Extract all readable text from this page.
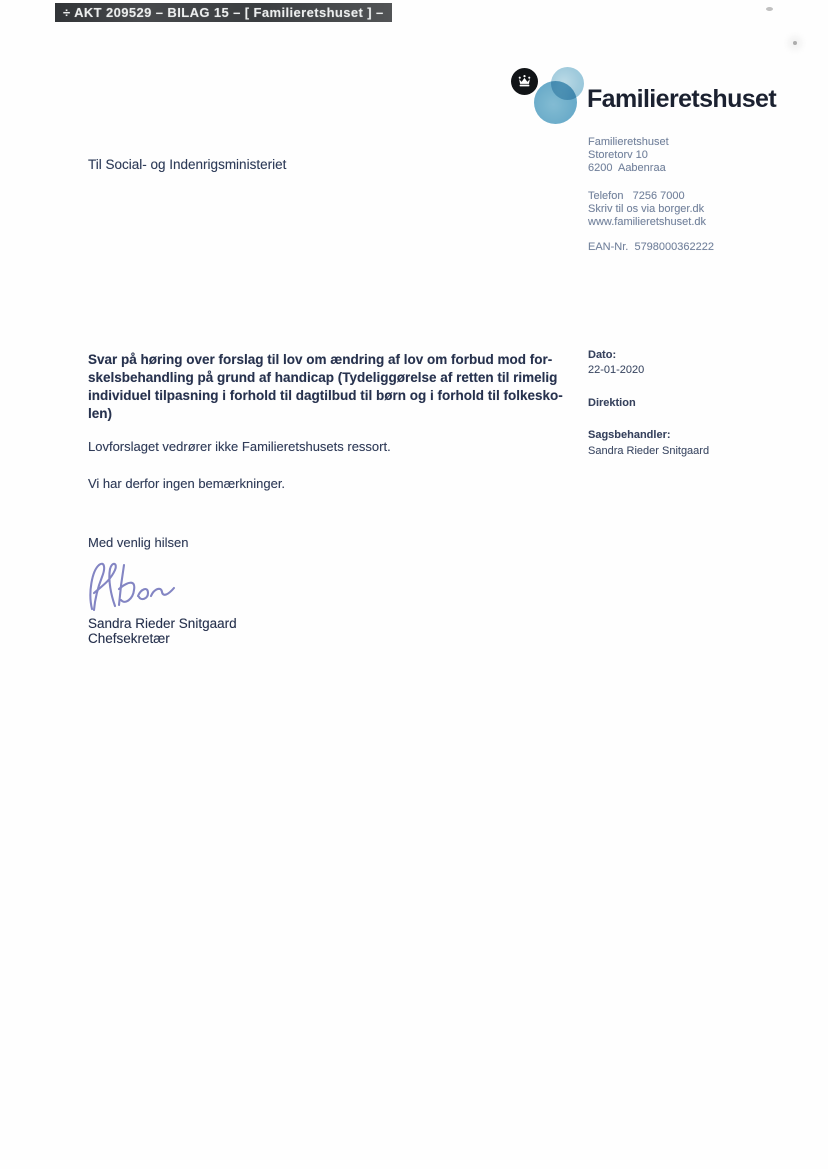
÷ AKT 209529 – BILAG 15 – [ Familieretshuset ] –
Familieretshuset
Familieretshuset
Storetorv 10
6200  Aabenraa
Telefon   7256 7000
Skriv til os via borger.dk
www.familieretshuset.dk
EAN-Nr.  5798000362222
Til Social- og Indenrigsministeriet
Svar på høring over forslag til lov om ændring af lov om forbud mod for-
skelsbehandling på grund af handicap (Tydeliggørelse af retten til rimelig
individuel tilpasning i forhold til dagtilbud til børn og i forhold til folkesko-
len)
Dato:
22-01-2020
Direktion
Sagsbehandler:
Sandra Rieder Snitgaard

Lovforslaget vedrører ikke Familieretshusets ressort.

Vi har derfor ingen bemærkninger.

Med venlig hilsen
Sandra Rieder Snitgaard
Chefsekretær
